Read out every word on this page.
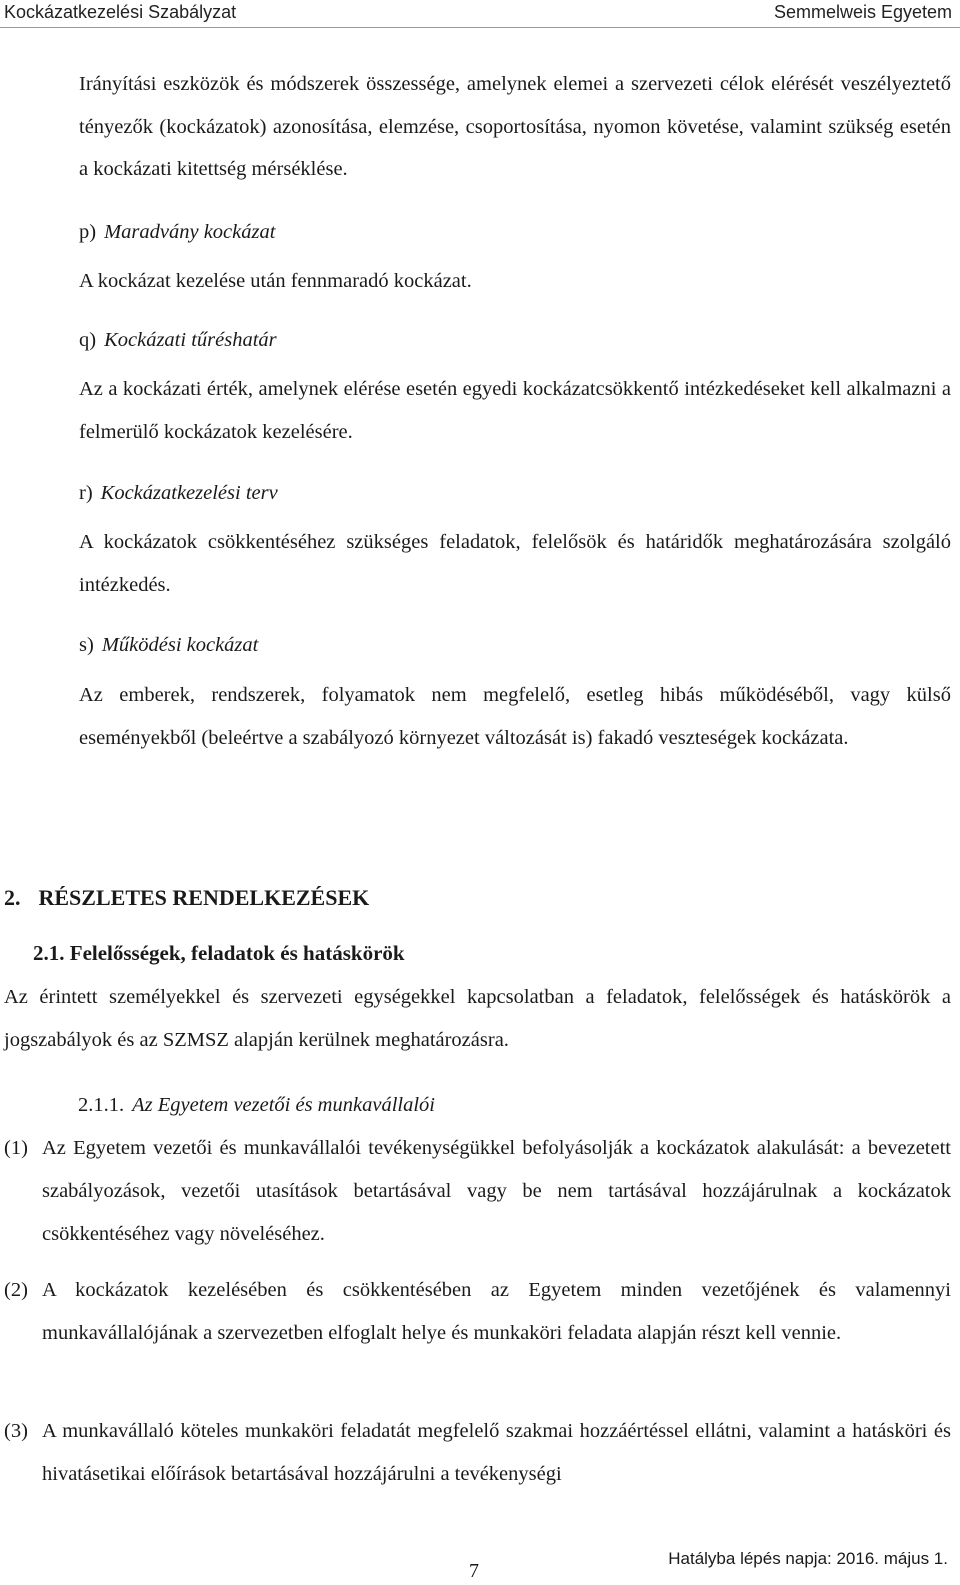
Kockázatkezelési Szabályzat	Semmelweis Egyetem

Irányítási eszközök és módszerek összessége, amelynek elemei a szervezeti célok elérését veszélyeztető tényezők (kockázatok) azonosítása, elemzése, csoportosítása, nyomon követése, valamint szükség esetén a kockázati kitettség mérséklése.

p) Maradvány kockázat

A kockázat kezelése után fennmaradó kockázat.

q) Kockázati tűréshatár

Az a kockázati érték, amelynek elérése esetén egyedi kockázatcsökkentő intézkedéseket kell alkalmazni a felmerülő kockázatok kezelésére.

r) Kockázatkezelési terv

A kockázatok csökkentéséhez szükséges feladatok, felelősök és határidők meghatározására szolgáló intézkedés.

s) Működési kockázat

Az emberek, rendszerek, folyamatok nem megfelelő, esetleg hibás működéséből, vagy külső eseményekből (beleértve a szabályozó környezet változását is) fakadó veszteségek kockázata.

2. RÉSZLETES RENDELKEZÉSEK
2.1. Felelősségek, feladatok és hatáskörök

Az érintett személyekkel és szervezeti egységekkel kapcsolatban a feladatok, felelősségek és hatáskörök a jogszabályok és az SZMSZ alapján kerülnek meghatározásra.

2.1.1. Az Egyetem vezetői és munkavállalói
(1) Az Egyetem vezetői és munkavállalói tevékenységükkel befolyásolják a kockázatok alakulását: a bevezetett szabályozások, vezetői utasítások betartásával vagy be nem tartásával hozzájárulnak a kockázatok csökkentéséhez vagy növeléséhez.
(2) A kockázatok kezelésében és csökkentésében az Egyetem minden vezetőjének és valamennyi munkavállalójának a szervezetben elfoglalt helye és munkaköri feladata alapján részt kell vennie.
(3) A munkavállaló köteles munkaköri feladatát megfelelő szakmai hozzáértéssel ellátni, valamint a hatásköri és hivatásetikai előírások betartásával hozzájárulni a tevékenységi
Hatályba lépés napja: 2016. május 1.
7
